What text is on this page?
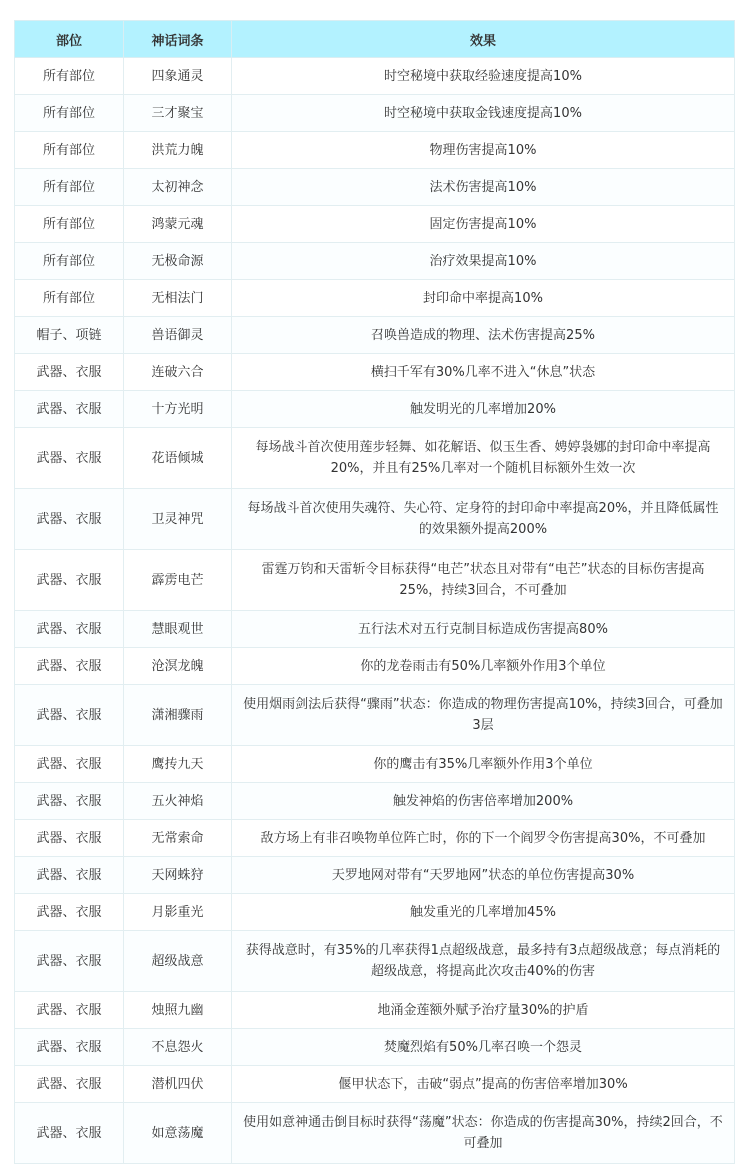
部位	神话词条	效果
所有部位	四象通灵	时空秘境中获取经验速度提高10%
所有部位	三才聚宝	时空秘境中获取金钱速度提高10%
所有部位	洪荒力魄	物理伤害提高10%
所有部位	太初神念	法术伤害提高10%
所有部位	鸿蒙元魂	固定伤害提高10%
所有部位	无极命源	治疗效果提高10%
所有部位	无相法门	封印命中率提高10%
帽子、项链	兽语御灵	召唤兽造成的物理、法术伤害提高25%
武器、衣服	连破六合	横扫千军有30%几率不进入“休息”状态
武器、衣服	十方光明	触发明光的几率增加20%
武器、衣服	花语倾城	每场战斗首次使用莲步轻舞、如花解语、似玉生香、娉婷袅娜的封印命中率提高20%，并且有25%几率对一个随机目标额外生效一次
武器、衣服	卫灵神咒	每场战斗首次使用失魂符、失心符、定身符的封印命中率提高20%，并且降低属性的效果额外提高200%
武器、衣服	霹雳电芒	雷霆万钧和天雷斩令目标获得“电芒”状态且对带有“电芒”状态的目标伤害提高25%，持续3回合，不可叠加
武器、衣服	慧眼观世	五行法术对五行克制目标造成伤害提高80%
武器、衣服	沧溟龙魄	你的龙卷雨击有50%几率额外作用3个单位
武器、衣服	潇湘骤雨	使用烟雨剑法后获得“骤雨”状态：你造成的物理伤害提高10%，持续3回合，可叠加3层
武器、衣服	鹰抟九天	你的鹰击有35%几率额外作用3个单位
武器、衣服	五火神焰	触发神焰的伤害倍率增加200%
武器、衣服	无常索命	敌方场上有非召唤物单位阵亡时，你的下一个阎罗令伤害提高30%，不可叠加
武器、衣服	天网蛛狩	天罗地网对带有“天罗地网”状态的单位伤害提高30%
武器、衣服	月影重光	触发重光的几率增加45%
武器、衣服	超级战意	获得战意时，有35%的几率获得1点超级战意，最多持有3点超级战意；每点消耗的超级战意，将提高此次攻击40%的伤害
武器、衣服	烛照九幽	地涌金莲额外赋予治疗量30%的护盾
武器、衣服	不息怨火	焚魔烈焰有50%几率召唤一个怨灵
武器、衣服	潜机四伏	偃甲状态下，击破“弱点”提高的伤害倍率增加30%
武器、衣服	如意荡魔	使用如意神通击倒目标时获得“荡魔”状态：你造成的伤害提高30%，持续2回合，不可叠加
